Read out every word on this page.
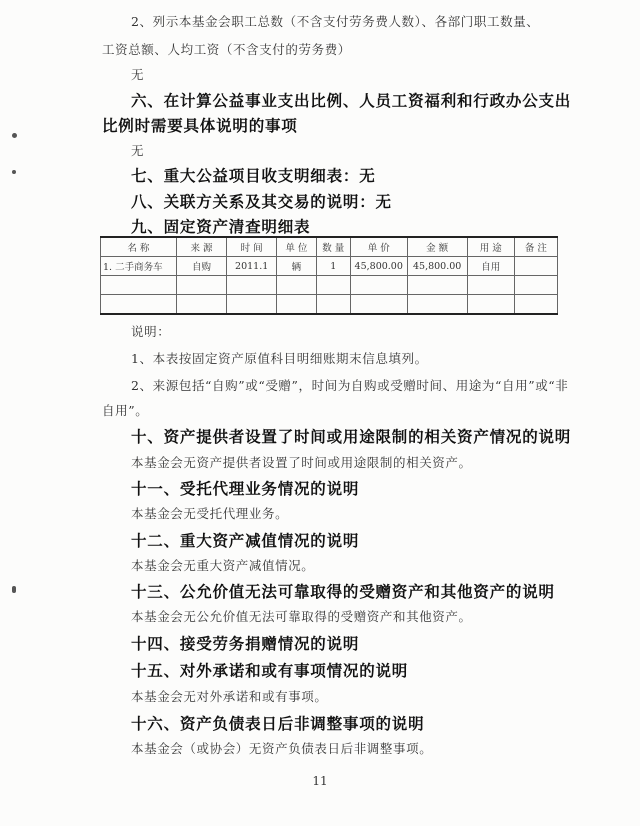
2、列示本基金会职工总数（不含支付劳务费人数）、各部门职工数量、
工资总额、人均工资（不含支付的劳务费）
无
六、在计算公益事业支出比例、人员工资福利和行政办公支出
比例时需要具体说明的事项
无
七、重大公益项目收支明细表：无
八、关联方关系及其交易的说明：无
九、固定资产清查明细表
名 称	来 源	时 间	单 位	数 量	单 价	金 额	用 途	备 注
1. 二手商务车	自购	2011.1	辆	1	45,800.00	45,800.00	自用	

说明：
1、本表按固定资产原值科目明细账期末信息填列。
2、来源包括“自购”或“受赠”，时间为自购或受赠时间、用途为“自用”或“非
自用”。
十、资产提供者设置了时间或用途限制的相关资产情况的说明
本基金会无资产提供者设置了时间或用途限制的相关资产。
十一、受托代理业务情况的说明
本基金会无受托代理业务。
十二、重大资产减值情况的说明
本基金会无重大资产减值情况。
十三、公允价值无法可靠取得的受赠资产和其他资产的说明
本基金会无公允价值无法可靠取得的受赠资产和其他资产。
十四、接受劳务捐赠情况的说明
十五、对外承诺和或有事项情况的说明
本基金会无对外承诺和或有事项。
十六、资产负债表日后非调整事项的说明
本基金会（或协会）无资产负债表日后非调整事项。
11
